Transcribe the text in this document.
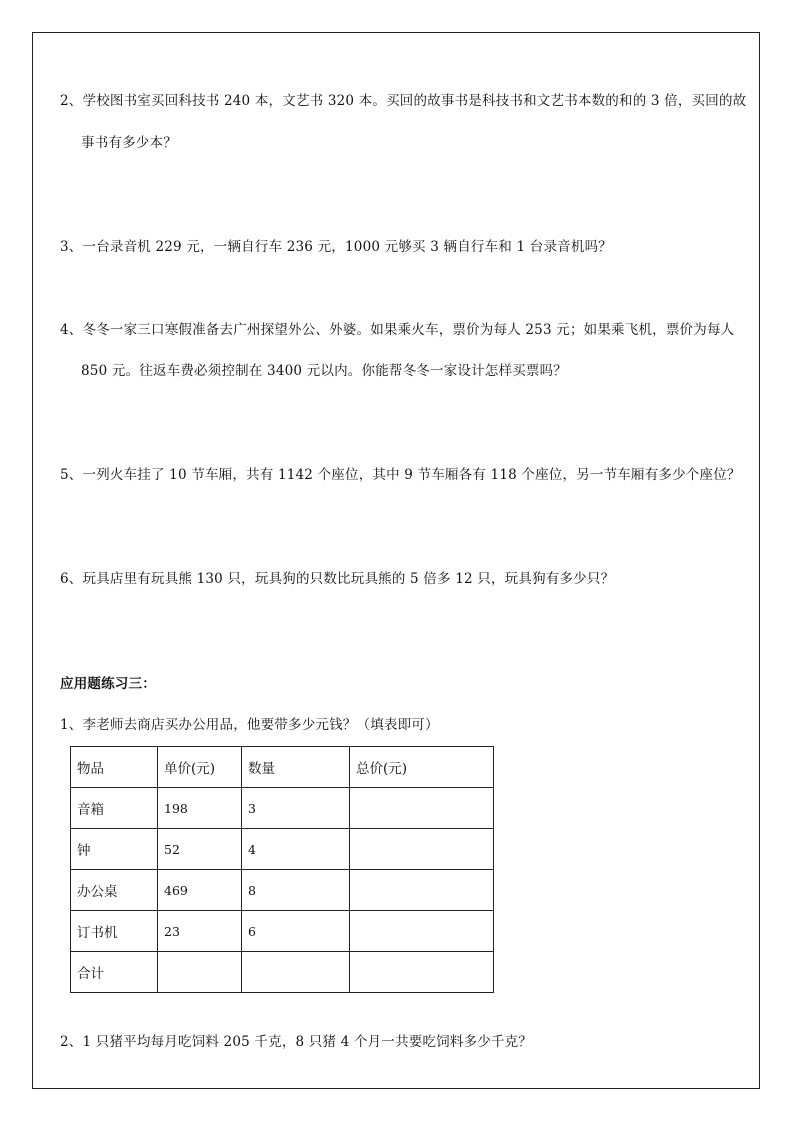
2、学校图书室买回科技书 240 本，文艺书 320 本。买回的故事书是科技书和文艺书本数的和的 3 倍，买回的故
事书有多少本？
3、一台录音机 229 元，一辆自行车 236 元，1000 元够买 3 辆自行车和 1 台录音机吗？
4、冬冬一家三口寒假准备去广州探望外公、外婆。如果乘火车，票价为每人 253 元；如果乘飞机，票价为每人
850 元。往返车费必须控制在 3400 元以内。你能帮冬冬一家设计怎样买票吗？
5、一列火车挂了 10 节车厢，共有 1142 个座位，其中 9 节车厢各有 118 个座位，另一节车厢有多少个座位？
6、玩具店里有玩具熊 130 只，玩具狗的只数比玩具熊的 5 倍多 12 只，玩具狗有多少只？
应用题练习三：
1、李老师去商店买办公用品，他要带多少元钱？（填表即可）
物品	单价(元)	数量	总价(元)
音箱	198	3	
钟	52	4	
办公桌	469	8	
订书机	23	6	
合计			
2、1 只猪平均每月吃饲料 205 千克，8 只猪 4 个月一共要吃饲料多少千克？
